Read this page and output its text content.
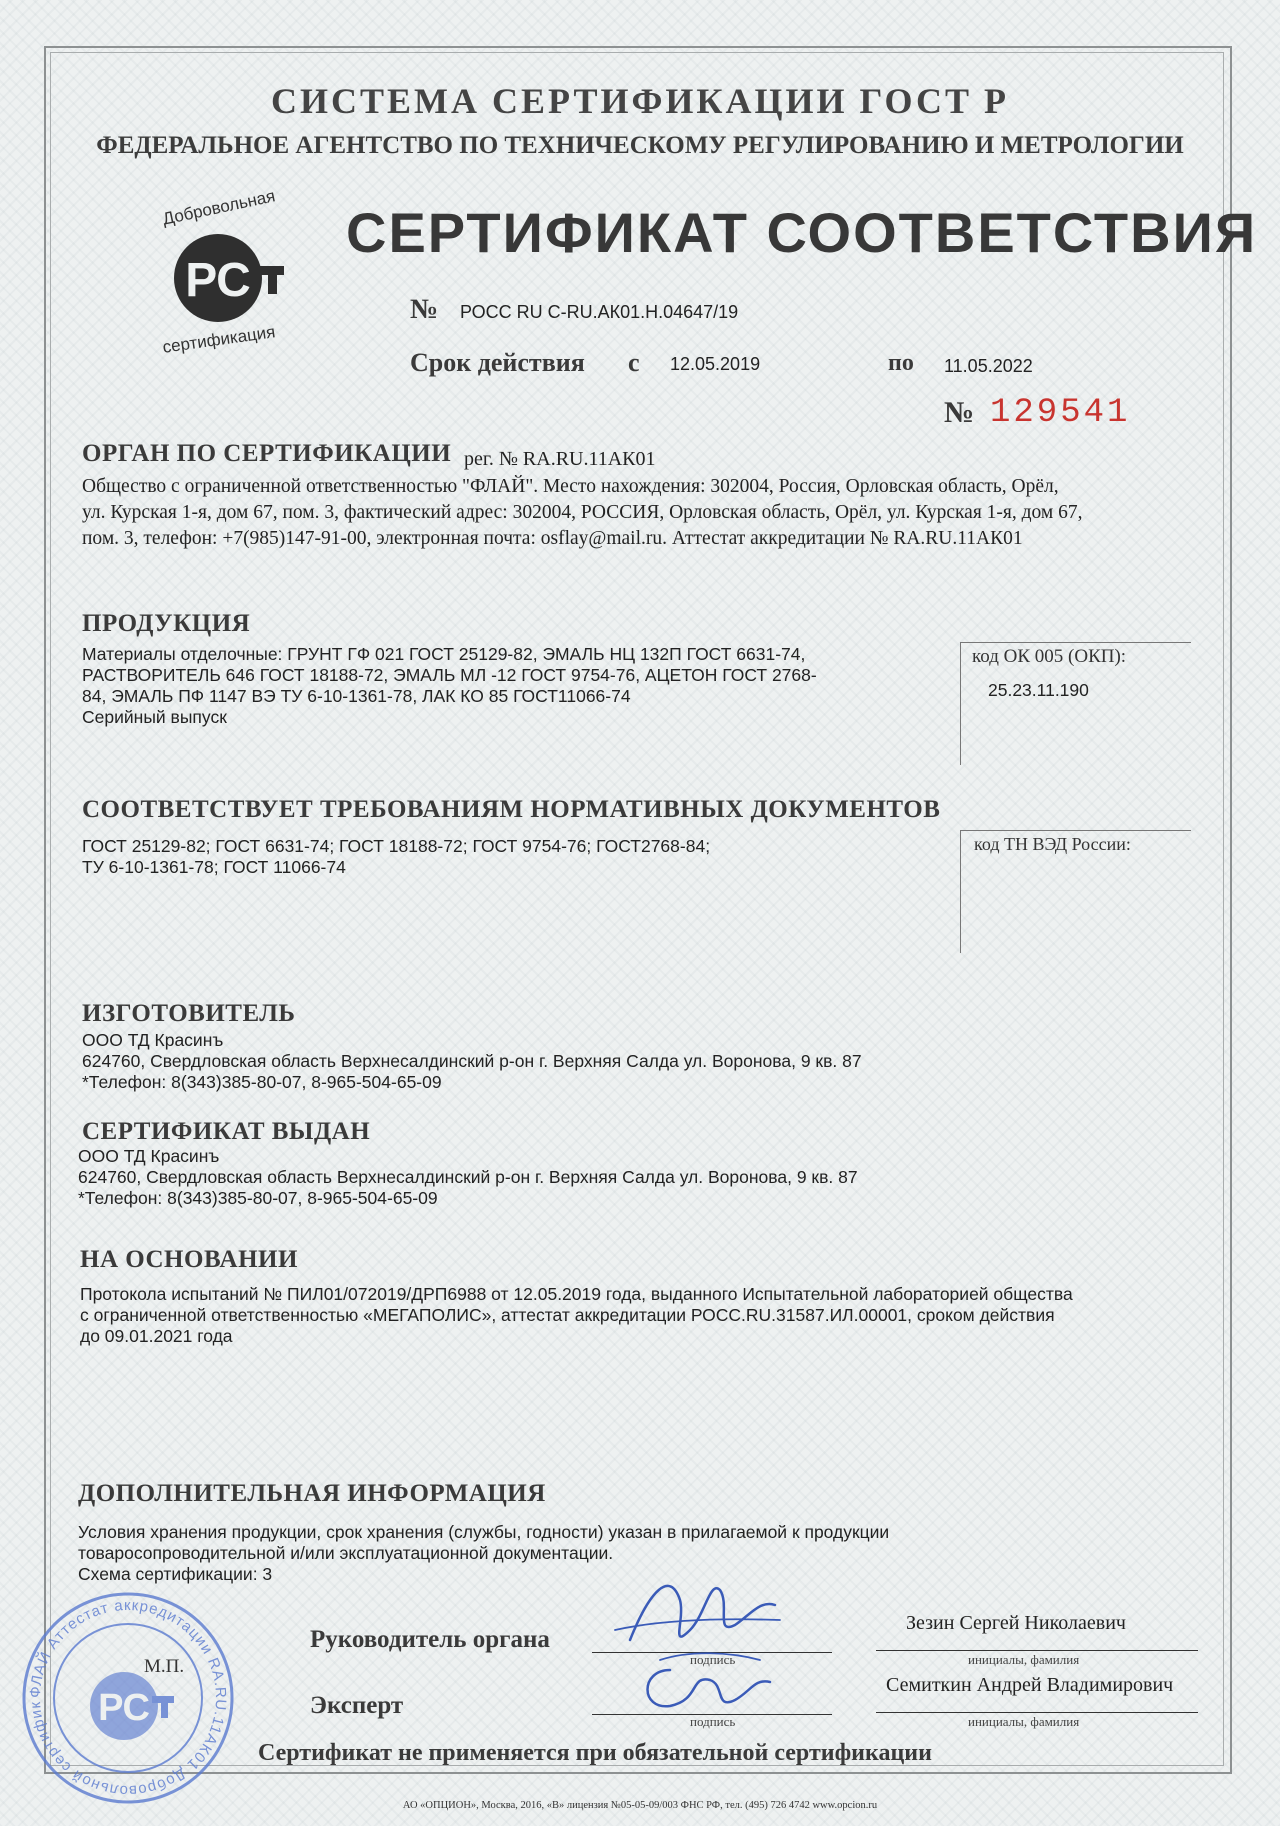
СИСТЕМА СЕРТИФИКАЦИИ ГОСТ Р
ФЕДЕРАЛЬНОЕ АГЕНТСТВО ПО ТЕХНИЧЕСКОМУ РЕГУЛИРОВАНИЮ И МЕТРОЛОГИИ
РС
Добровольная
сертификация
СЕРТИФИКАТ СООТВЕТСТВИЯ
№ РОСС RU С-RU.АК01.Н.04647/19
Срок действия с 12.05.2019	по 11.05.2022
№ 129541
ОРГАН ПО СЕРТИФИКАЦИИ рег. № RA.RU.11АК01
Общество с ограниченной ответственностью "ФЛАЙ". Место нахождения: 302004, Россия, Орловская область, Орёл,
ул. Курская 1-я, дом 67, пом. 3, фактический адрес: 302004, РОССИЯ, Орловская область, Орёл, ул. Курская 1-я, дом 67,
пом. 3, телефон: +7(985)147-91-00, электронная почта: osflay@mail.ru. Аттестат аккредитации № RA.RU.11АК01
ПРОДУКЦИЯ
Материалы отделочные: ГРУНТ ГФ 021 ГОСТ 25129-82, ЭМАЛЬ НЦ 132П ГОСТ 6631-74,
РАСТВОРИТЕЛЬ 646 ГОСТ 18188-72, ЭМАЛЬ МЛ -12 ГОСТ 9754-76, АЦЕТОН ГОСТ 2768-
84, ЭМАЛЬ ПФ 1147 ВЭ ТУ 6-10-1361-78, ЛАК КО 85 ГОСТ11066-74
Серийный выпуск
код ОК 005 (ОКП):
25.23.11.190
СООТВЕТСТВУЕТ ТРЕБОВАНИЯМ НОРМАТИВНЫХ ДОКУМЕНТОВ
ГОСТ 25129-82; ГОСТ 6631-74; ГОСТ 18188-72; ГОСТ 9754-76; ГОСТ2768-84;
ТУ 6-10-1361-78; ГОСТ 11066-74
код ТН ВЭД России:
ИЗГОТОВИТЕЛЬ
ООО ТД Красинъ
624760, Свердловская область Верхнесалдинский р-он г. Верхняя Салда ул. Воронова, 9 кв. 87
*Телефон: 8(343)385-80-07, 8-965-504-65-09
СЕРТИФИКАТ ВЫДАН
ООО ТД Красинъ
624760, Свердловская область Верхнесалдинский р-он г. Верхняя Салда ул. Воронова, 9 кв. 87
*Телефон: 8(343)385-80-07, 8-965-504-65-09
НА ОСНОВАНИИ
Протокола испытаний № ПИЛ01/072019/ДРП6988 от 12.05.2019 года, выданного Испытательной лабораторией общества
с ограниченной ответственностью «МЕГАПОЛИС», аттестат аккредитации РОСС.RU.31587.ИЛ.00001, сроком действия
до 09.01.2021 года
ДОПОЛНИТЕЛЬНАЯ ИНФОРМАЦИЯ
Условия хранения продукции, срок хранения (службы, годности) указан в прилагаемой к продукции
товаросопроводительной и/или эксплуатационной документации.
Схема сертификации: 3
ФЛАЙ Аттестат аккредитации RA.RU.11АК01 Добровольной сертифик	РС
М.П.
Руководитель органа
подпись
Зезин Сергей Николаевич
инициалы, фамилия
Эксперт
подпись
Семиткин Андрей Владимирович
инициалы, фамилия
Сертификат не применяется при обязательной сертификации
АО «ОПЦИОН», Москва, 2016, «В» лицензия №05-05-09/003 ФНС РФ, тел. (495) 726 4742 www.opcion.ru
